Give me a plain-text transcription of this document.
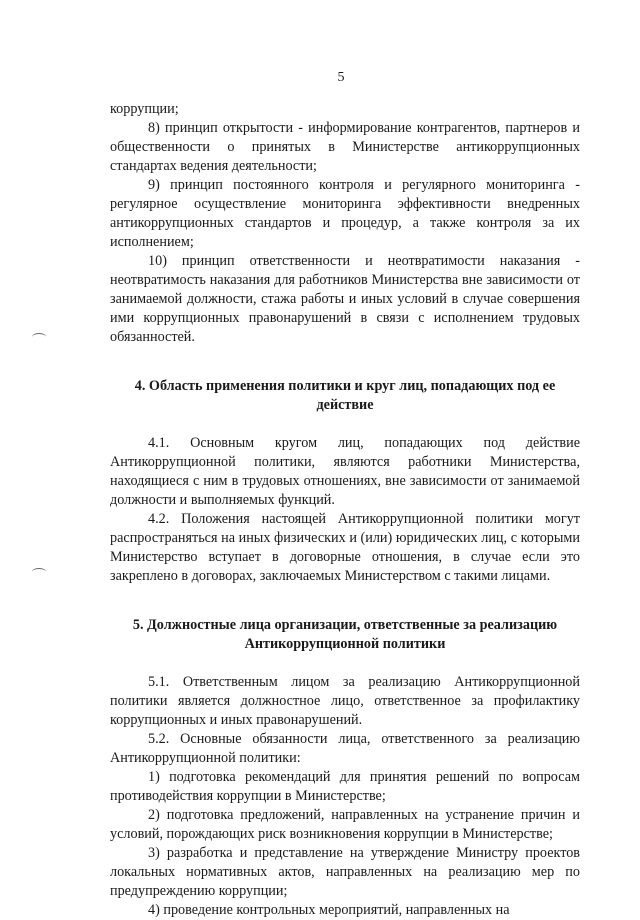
5

коррупции;

8) принцип открытости - информирование контрагентов, партнеров и общественности о принятых в Министерстве антикоррупционных стандартах ведения деятельности;

9) принцип постоянного контроля и регулярного мониторинга - регулярное осуществление мониторинга эффективности внедренных антикоррупционных стандартов и процедур, а также контроля за их исполнением;

10) принцип ответственности и неотвратимости наказания - неотвратимость наказания для работников Министерства вне зависимости от занимаемой должности, стажа работы и иных условий в случае совершения ими коррупционных правонарушений в связи с исполнением трудовых обязанностей.

4. Область применения политики и круг лиц, попадающих под ее
действие

4.1. Основным кругом лиц, попадающих под действие Антикоррупционной политики, являются работники Министерства, находящиеся с ним в трудовых отношениях, вне зависимости от занимаемой должности и выполняемых функций.

4.2. Положения настоящей Антикоррупционной политики могут распространяться на иных физических и (или) юридических лиц, с которыми Министерство вступает в договорные отношения, в случае если это закреплено в договорах, заключаемых Министерством с такими лицами.

5. Должностные лица организации, ответственные за реализацию
Антикоррупционной политики

5.1. Ответственным лицом за реализацию Антикоррупционной политики является должностное лицо, ответственное за профилактику коррупционных и иных правонарушений.

5.2. Основные обязанности лица, ответственного за реализацию Антикоррупционной политики:

1) подготовка рекомендаций для принятия решений по вопросам противодействия коррупции в Министерстве;

2) подготовка предложений, направленных на устранение причин и условий, порождающих риск возникновения коррупции в Министерстве;

3) разработка и представление на утверждение Министру проектов локальных нормативных актов, направленных на реализацию мер по предупреждению коррупции;

4) проведение контрольных мероприятий, направленных на
